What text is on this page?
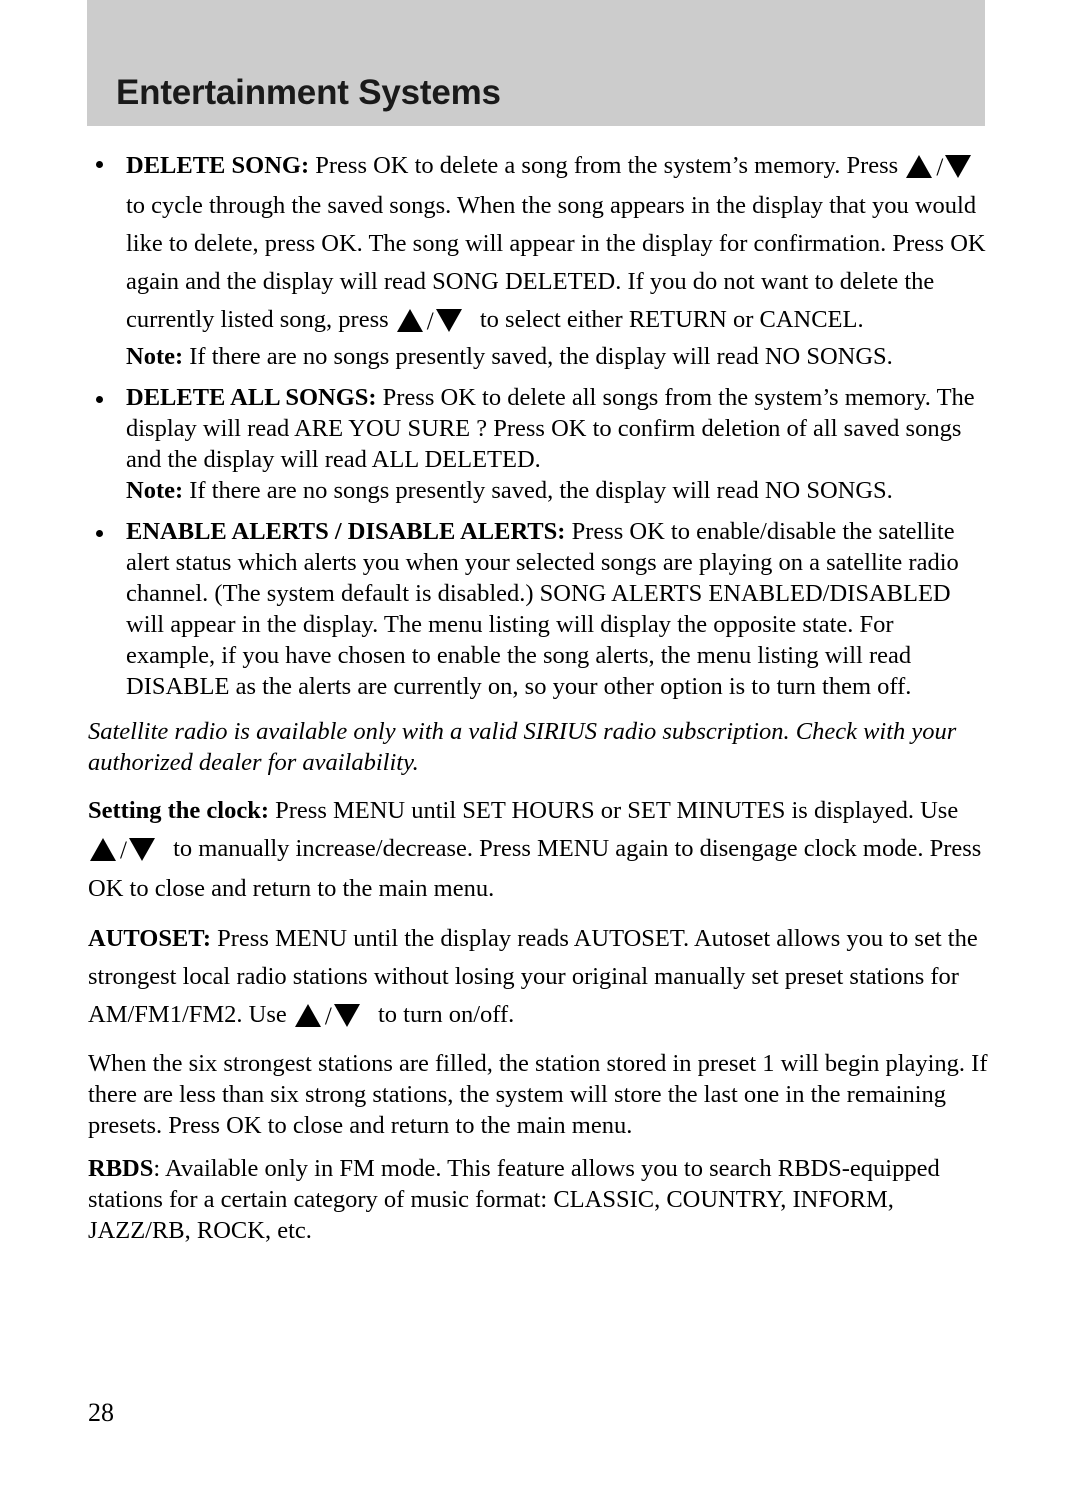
Entertainment Systems

DELETE SONG: Press OK to delete a song from the system’s memory. Press / to cycle through the saved songs. When the song appears in the display that you would like to delete, press OK. The song will appear in the display for confirmation. Press OK again and the display will read SONG DELETED. If you do not want to delete the currently listed song, press / to select either RETURN or CANCEL.

Note: If there are no songs presently saved, the display will read NO SONGS.

DELETE ALL SONGS: Press OK to delete all songs from the system’s memory. The display will read ARE YOU SURE ? Press OK to confirm deletion of all saved songs and the display will read ALL DELETED.

Note: If there are no songs presently saved, the display will read NO SONGS.

ENABLE ALERTS / DISABLE ALERTS: Press OK to enable/disable the satellite alert status which alerts you when your selected songs are playing on a satellite radio channel. (The system default is disabled.) SONG ALERTS ENABLED/DISABLED will appear in the display. The menu listing will display the opposite state. For example, if you have chosen to enable the song alerts, the menu listing will read DISABLE as the alerts are currently on, so your other option is to turn them off.

Satellite radio is available only with a valid SIRIUS radio subscription. Check with your authorized dealer for availability.

Setting the clock: Press MENU until SET HOURS or SET MINUTES is displayed. Use / to manually increase/decrease. Press MENU again to disengage clock mode. Press OK to close and return to the main menu.

AUTOSET: Press MENU until the display reads AUTOSET. Autoset allows you to set the strongest local radio stations without losing your original manually set preset stations for AM/FM1/FM2. Use / to turn on/off.

When the six strongest stations are filled, the station stored in preset 1 will begin playing. If there are less than six strong stations, the system will store the last one in the remaining presets. Press OK to close and return to the main menu.

RBDS: Available only in FM mode. This feature allows you to search RBDS-equipped stations for a certain category of music format: CLASSIC, COUNTRY, INFORM, JAZZ/RB, ROCK, etc.

28
